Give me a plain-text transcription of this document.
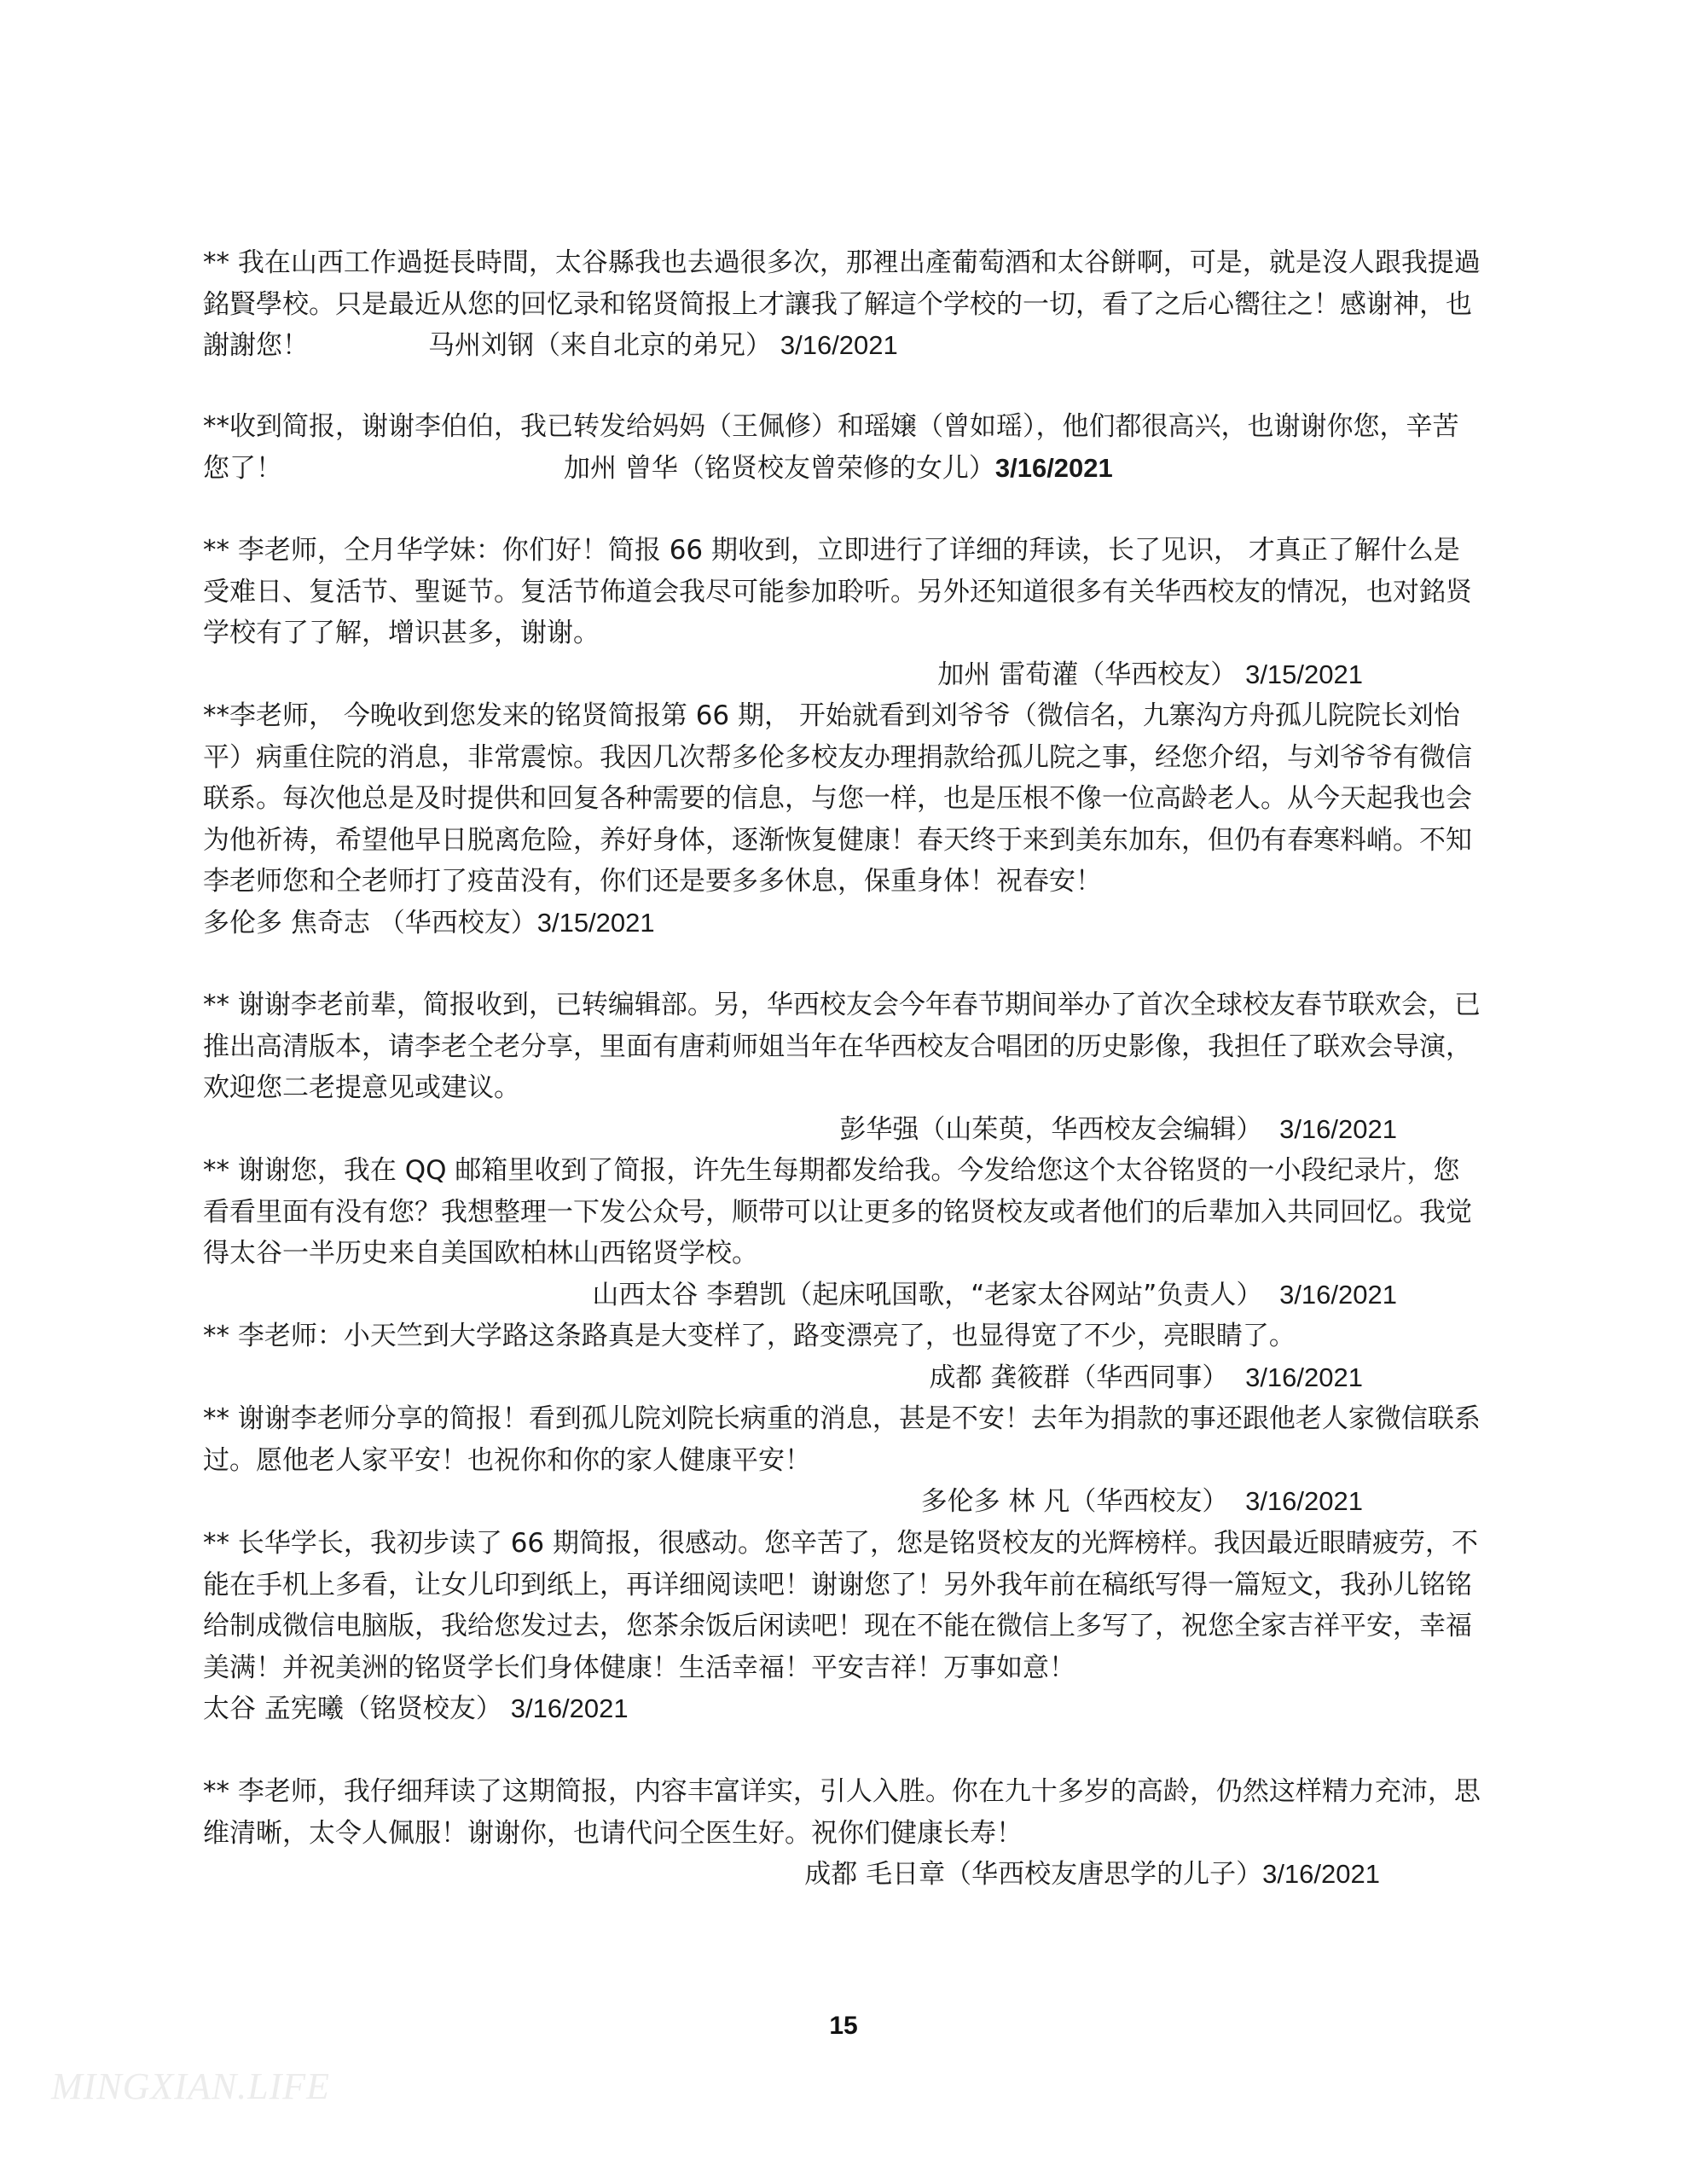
** 我在山西工作過挺長時間，太谷縣我也去過很多次，那裡出產葡萄酒和太谷餅啊，可是，就是沒人跟我提過銘賢學校。只是最近从您的回忆录和铭贤简报上才讓我了解這个学校的一切，看了之后心嚮往之！感谢神，也謝謝您！	马州刘钢（来自北京的弟兄） 3/16/2021
**收到简报，谢谢李伯伯，我已转发给妈妈（王佩修）和瑶嬢（曾如瑶），他们都很高兴，也谢谢你您，辛苦您了！	加州 曾华（铭贤校友曾荣修的女儿）3/16/2021
** 李老师，仝月华学妹：你们好！简报 66 期收到，立即进行了详细的拜读，长了见识， 才真正了解什么是受难日、复活节、聖诞节。复活节佈道会我尽可能参加聆听。另外还知道很多有关华西校友的情况，也对銘贤学校有了了解，增识甚多，谢谢。
加州 雷荀灌（华西校友） 3/15/2021
**李老师， 今晚收到您发来的铭贤简报第 66 期， 开始就看到刘爷爷（微信名，九寨沟方舟孤儿院院长刘怡平）病重住院的消息，非常震惊。我因几次帮多伦多校友办理捐款给孤儿院之事，经您介绍，与刘爷爷有微信联系。每次他总是及时提供和回复各种需要的信息，与您一样，也是压根不像一位高龄老人。从今天起我也会为他祈祷，希望他早日脱离危险，养好身体，逐渐恢复健康！春天终于来到美东加东，但仍有春寒料峭。不知李老师您和仝老师打了疫苗没有，你们还是要多多休息，保重身体！祝春安！多伦多 焦奇志 （华西校友）3/15/2021
** 谢谢李老前辈，简报收到，已转编辑部。另，华西校友会今年春节期间举办了首次全球校友春节联欢会，已推出高清版本，请李老仝老分享，里面有唐莉师姐当年在华西校友合唱团的历史影像，我担任了联欢会导演，欢迎您二老提意见或建议。
彭华强（山茱萸，华西校友会编辑） 3/16/2021
** 谢谢您，我在 QQ 邮箱里收到了简报，许先生每期都发给我。今发给您这个太谷铭贤的一小段纪录片，您看看里面有没有您？我想整理一下发公众号，顺带可以让更多的铭贤校友或者他们的后辈加入共同回忆。我觉得太谷一半历史来自美国欧柏林山西铭贤学校。
山西太谷 李碧凯（起床吼国歌，“老家太谷网站”负责人） 3/16/2021
** 李老师：小天竺到大学路这条路真是大变样了，路变漂亮了，也显得宽了不少，亮眼睛了。
成都 龚筱群（华西同事） 3/16/2021
** 谢谢李老师分享的简报！看到孤儿院刘院长病重的消息，甚是不安！去年为捐款的事还跟他老人家微信联系过。愿他老人家平安！也祝你和你的家人健康平安！
多伦多 林 凡（华西校友） 3/16/2021
** 长华学长，我初步读了 66 期简报，很感动。您辛苦了，您是铭贤校友的光辉榜样。我因最近眼睛疲劳，不能在手机上多看，让女儿印到纸上，再详细阅读吧！谢谢您了！另外我年前在稿纸写得一篇短文，我孙儿铭铭给制成微信电脑版，我给您发过去，您茶余饭后闲读吧！现在不能在微信上多写了，祝您全家吉祥平安，幸福美满！并祝美洲的铭贤学长们身体健康！生活幸福！平安吉祥！万事如意！太谷 孟宪曦（铭贤校友） 3/16/2021
** 李老师，我仔细拜读了这期简报，内容丰富详实，引人入胜。你在九十多岁的高龄，仍然这样精力充沛，思维清晰，太令人佩服！谢谢你，也请代问仝医生好。祝你们健康长寿！
成都 毛日章（华西校友唐思学的儿子）3/16/2021
15
MINGXIAN.LIFE
